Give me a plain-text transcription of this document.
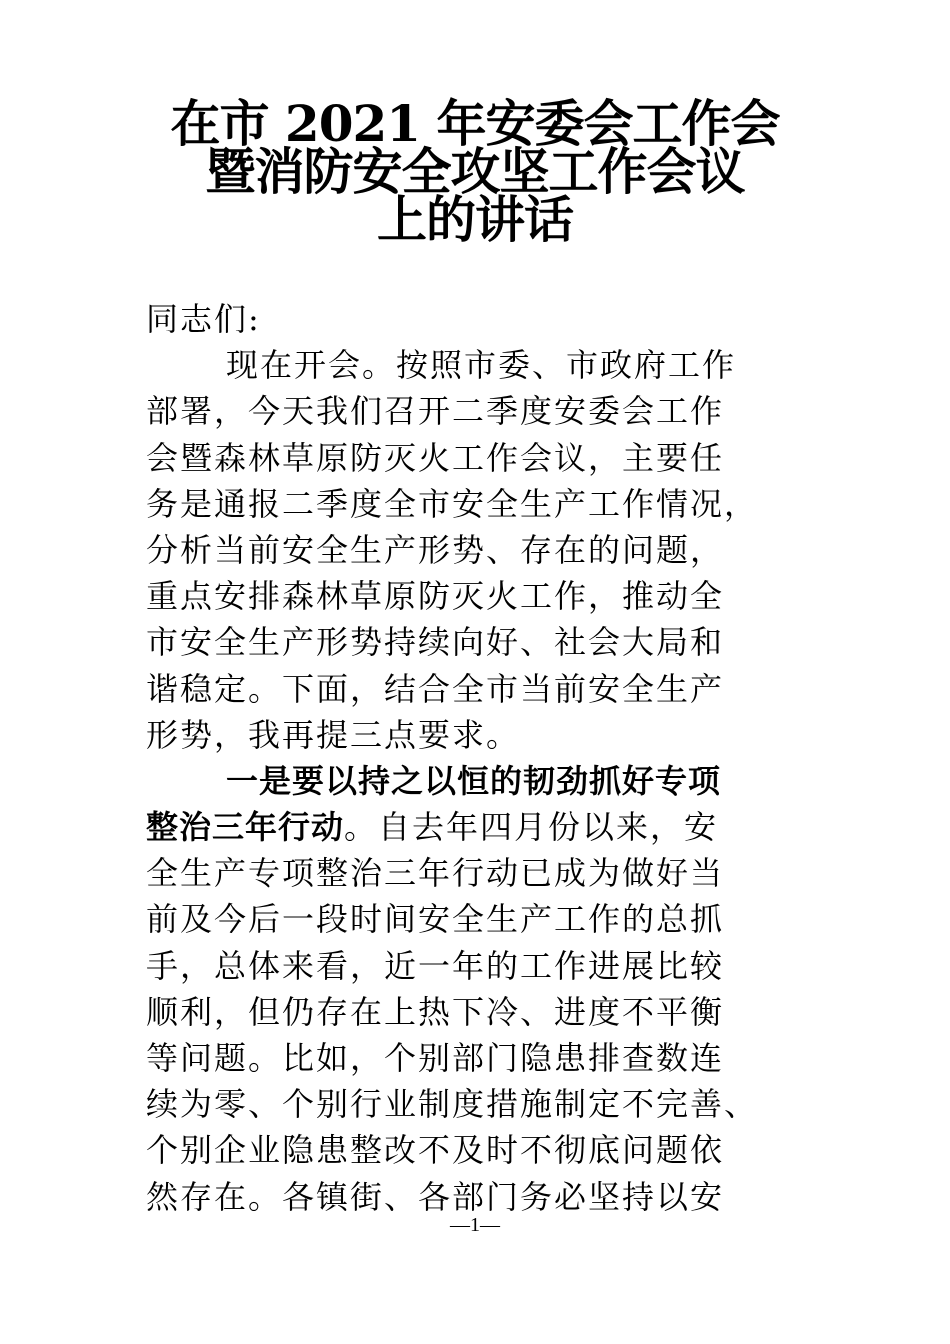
在市 2021 年安委会工作会
暨消防安全攻坚工作会议
上的讲话
同志们:
现在开会。按照市委、市政府工作
部署，今天我们召开二季度安委会工作
会暨森林草原防灭火工作会议，主要任
务是通报二季度全市安全生产工作情况，
分析当前安全生产形势、存在的问题，
重点安排森林草原防灭火工作，推动全
市安全生产形势持续向好、社会大局和
谐稳定。下面，结合全市当前安全生产
形势，我再提三点要求。
一是要以持之以恒的韧劲抓好专项
整治三年行动。自去年四月份以来，安
全生产专项整治三年行动已成为做好当
前及今后一段时间安全生产工作的总抓
手，总体来看，近一年的工作进展比较
顺利，但仍存在上热下冷、进度不平衡
等问题。比如，个别部门隐患排查数连
续为零、个别行业制度措施制定不完善、
个别企业隐患整改不及时不彻底问题依
然存在。各镇街、各部门务必坚持以安
—1—
